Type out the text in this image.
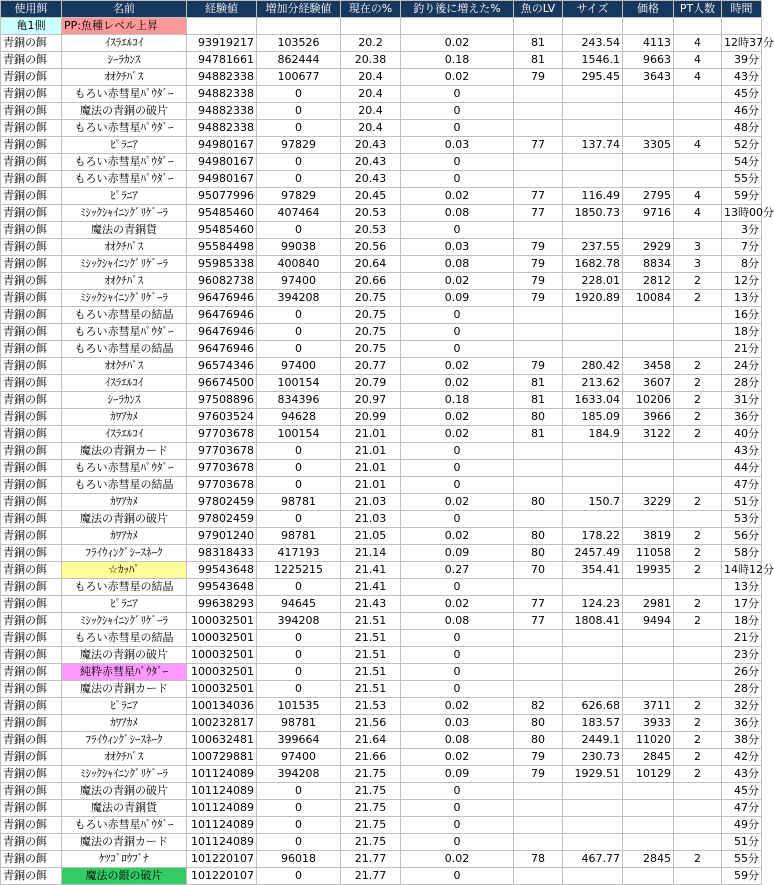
使用餌	名前	経験値	増加分経験値	現在の%	釣り後に増えた%	魚のLV	サイズ	価格	PT人数	時間
亀1側	PP:魚種レベル上昇									
青銅の餌	ｲｽﾗｴﾙｺｲ	93919217	103526	20.2	0.02	81	243.54	4113	4	12時37分
青銅の餌	ｼｰﾗｶﾝｽ	94781661	862444	20.38	0.18	81	1546.1	9663	4	39分
青銅の餌	ｵｵｸﾁﾊﾞｽ	94882338	100677	20.4	0.02	79	295.45	3643	4	43分
青銅の餌	もろい赤彗星ﾊﾟｳﾀﾞｰ	94882338	0	20.4	0					45分
青銅の餌	魔法の青銅の破片	94882338	0	20.4	0					46分
青銅の餌	もろい赤彗星ﾊﾟｳﾀﾞｰ	94882338	0	20.4	0					48分
青銅の餌	ﾋﾟﾗﾆｱ	94980167	97829	20.43	0.03	77	137.74	3305	4	52分
青銅の餌	もろい赤彗星ﾊﾟｳﾀﾞｰ	94980167	0	20.43	0					54分
青銅の餌	もろい赤彗星ﾊﾟｳﾀﾞｰ	94980167	0	20.43	0					55分
青銅の餌	ﾋﾟﾗﾆｱ	95077996	97829	20.45	0.02	77	116.49	2795	4	59分
青銅の餌	ﾐｼｯｸｼｬｲﾆﾝｸﾞﾘｹﾞｰﾗ	95485460	407464	20.53	0.08	77	1850.73	9716	4	13時00分
青銅の餌	魔法の青銅貨	95485460	0	20.53	0					3分
青銅の餌	ｵｵｸﾁﾊﾞｽ	95584498	99038	20.56	0.03	79	237.55	2929	3	7分
青銅の餌	ﾐｼｯｸｼｬｲﾆﾝｸﾞﾘｹﾞｰﾗ	95985338	400840	20.64	0.08	79	1682.78	8834	3	8分
青銅の餌	ｵｵｸﾁﾊﾞｽ	96082738	97400	20.66	0.02	79	228.01	2812	2	12分
青銅の餌	ﾐｼｯｸｼｬｲﾆﾝｸﾞﾘｹﾞｰﾗ	96476946	394208	20.75	0.09	79	1920.89	10084	2	13分
青銅の餌	もろい赤彗星の結晶	96476946	0	20.75	0					16分
青銅の餌	もろい赤彗星ﾊﾟｳﾀﾞｰ	96476946	0	20.75	0					18分
青銅の餌	もろい赤彗星の結晶	96476946	0	20.75	0					21分
青銅の餌	ｵｵｸﾁﾊﾞｽ	96574346	97400	20.77	0.02	79	280.42	3458	2	24分
青銅の餌	ｲｽﾗｴﾙｺｲ	96674500	100154	20.79	0.02	81	213.62	3607	2	28分
青銅の餌	ｼｰﾗｶﾝｽ	97508896	834396	20.97	0.18	81	1633.04	10206	2	31分
青銅の餌	ｶﾜｱｶﾒ	97603524	94628	20.99	0.02	80	185.09	3966	2	36分
青銅の餌	ｲｽﾗｴﾙｺｲ	97703678	100154	21.01	0.02	81	184.9	3122	2	40分
青銅の餌	魔法の青銅カード	97703678	0	21.01	0					43分
青銅の餌	もろい赤彗星ﾊﾟｳﾀﾞｰ	97703678	0	21.01	0					44分
青銅の餌	もろい赤彗星の結晶	97703678	0	21.01	0					47分
青銅の餌	ｶﾜｱｶﾒ	97802459	98781	21.03	0.02	80	150.7	3229	2	51分
青銅の餌	魔法の青銅の破片	97802459	0	21.03	0					53分
青銅の餌	ｶﾜｱｶﾒ	97901240	98781	21.05	0.02	80	178.22	3819	2	56分
青銅の餌	ﾌﾗｲｳｨﾝｸﾞｼｰｽﾈｰｸ	98318433	417193	21.14	0.09	80	2457.49	11058	2	58分
青銅の餌	☆ｶｯﾊﾟ	99543648	1225215	21.41	0.27	70	354.41	19935	2	14時12分
青銅の餌	もろい赤彗星の結晶	99543648	0	21.41	0					13分
青銅の餌	ﾋﾟﾗﾆｱ	99638293	94645	21.43	0.02	77	124.23	2981	2	17分
青銅の餌	ﾐｼｯｸｼｬｲﾆﾝｸﾞﾘｹﾞｰﾗ	100032501	394208	21.51	0.08	77	1808.41	9494	2	18分
青銅の餌	もろい赤彗星の結晶	100032501	0	21.51	0					21分
青銅の餌	魔法の青銅の破片	100032501	0	21.51	0					23分
青銅の餌	純粋赤彗星ﾊﾟｳﾀﾞｰ	100032501	0	21.51	0					26分
青銅の餌	魔法の青銅カード	100032501	0	21.51	0					28分
青銅の餌	ﾋﾟﾗﾆｱ	100134036	101535	21.53	0.02	82	626.68	3711	2	32分
青銅の餌	ｶﾜｱｶﾒ	100232817	98781	21.56	0.03	80	183.57	3933	2	36分
青銅の餌	ﾌﾗｲｳｨﾝｸﾞｼｰｽﾈｰｸ	100632481	399664	21.64	0.08	80	2449.1	11020	2	38分
青銅の餌	ｵｵｸﾁﾊﾞｽ	100729881	97400	21.66	0.02	79	230.73	2845	2	42分
青銅の餌	ﾐｼｯｸｼｬｲﾆﾝｸﾞﾘｹﾞｰﾗ	101124089	394208	21.75	0.09	79	1929.51	10129	2	43分
青銅の餌	魔法の青銅の破片	101124089	0	21.75	0					45分
青銅の餌	魔法の青銅貨	101124089	0	21.75	0					47分
青銅の餌	もろい赤彗星ﾊﾟｳﾀﾞｰ	101124089	0	21.75	0					49分
青銅の餌	魔法の青銅カード	101124089	0	21.75	0					51分
青銅の餌	ｹﾂｺﾞﾛｳﾌﾞﾅ	101220107	96018	21.77	0.02	78	467.77	2845	2	55分
青銅の餌	魔法の銀の破片	101220107	0	21.77	0					59分
